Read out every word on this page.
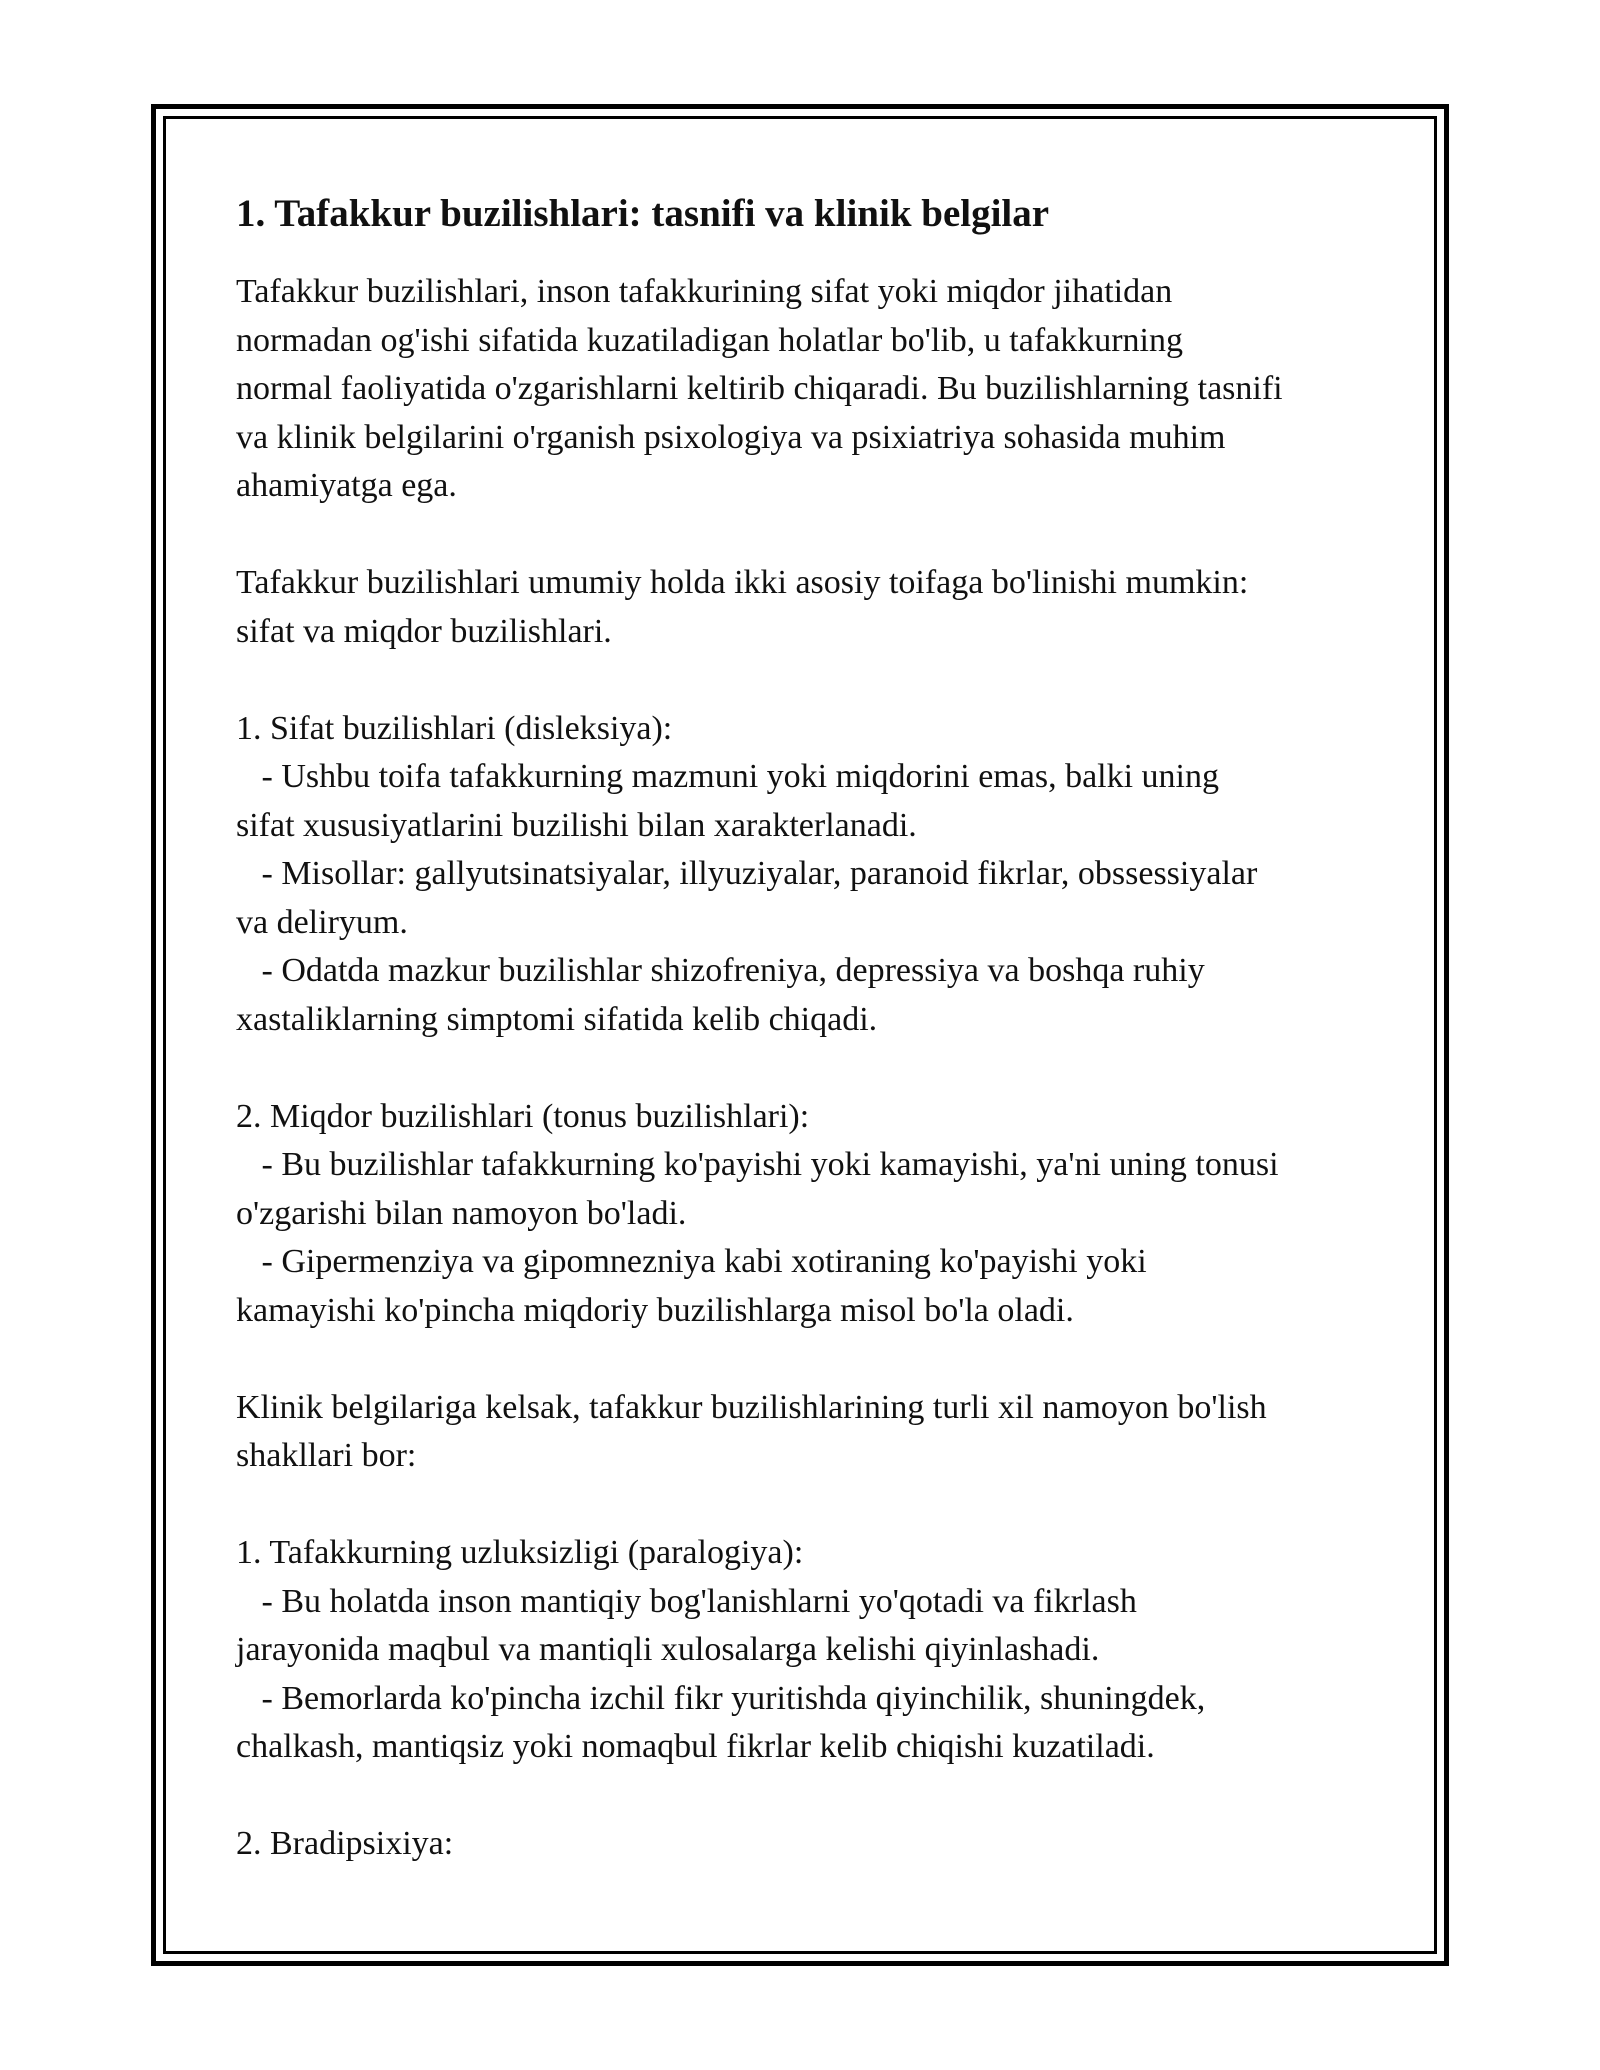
1. Tafakkur buzilishlari: tasnifi va klinik belgilar
Tafakkur buzilishlari, inson tafakkurining sifat yoki miqdor jihatidan
normadan og'ishi sifatida kuzatiladigan holatlar bo'lib, u tafakkurning
normal faoliyatida o'zgarishlarni keltirib chiqaradi. Bu buzilishlarning tasnifi
va klinik belgilarini o'rganish psixologiya va psixiatriya sohasida muhim
ahamiyatga ega.
Tafakkur buzilishlari umumiy holda ikki asosiy toifaga bo'linishi mumkin:
sifat va miqdor buzilishlari.
1. Sifat buzilishlari (disleksiya):
- Ushbu toifa tafakkurning mazmuni yoki miqdorini emas, balki uning
sifat xususiyatlarini buzilishi bilan xarakterlanadi.
- Misollar: gallyutsinatsiyalar, illyuziyalar, paranoid fikrlar, obssessiyalar
va deliryum.
- Odatda mazkur buzilishlar shizofreniya, depressiya va boshqa ruhiy
xastaliklarning simptomi sifatida kelib chiqadi.
2. Miqdor buzilishlari (tonus buzilishlari):
- Bu buzilishlar tafakkurning ko'payishi yoki kamayishi, ya'ni uning tonusi
o'zgarishi bilan namoyon bo'ladi.
- Gipermenziya va gipomnezniya kabi xotiraning ko'payishi yoki
kamayishi ko'pincha miqdoriy buzilishlarga misol bo'la oladi.
Klinik belgilariga kelsak, tafakkur buzilishlarining turli xil namoyon bo'lish
shakllari bor:
1. Tafakkurning uzluksizligi (paralogiya):
- Bu holatda inson mantiqiy bog'lanishlarni yo'qotadi va fikrlash
jarayonida maqbul va mantiqli xulosalarga kelishi qiyinlashadi.
- Bemorlarda ko'pincha izchil fikr yuritishda qiyinchilik, shuningdek,
chalkash, mantiqsiz yoki nomaqbul fikrlar kelib chiqishi kuzatiladi.
2. Bradipsixiya:
